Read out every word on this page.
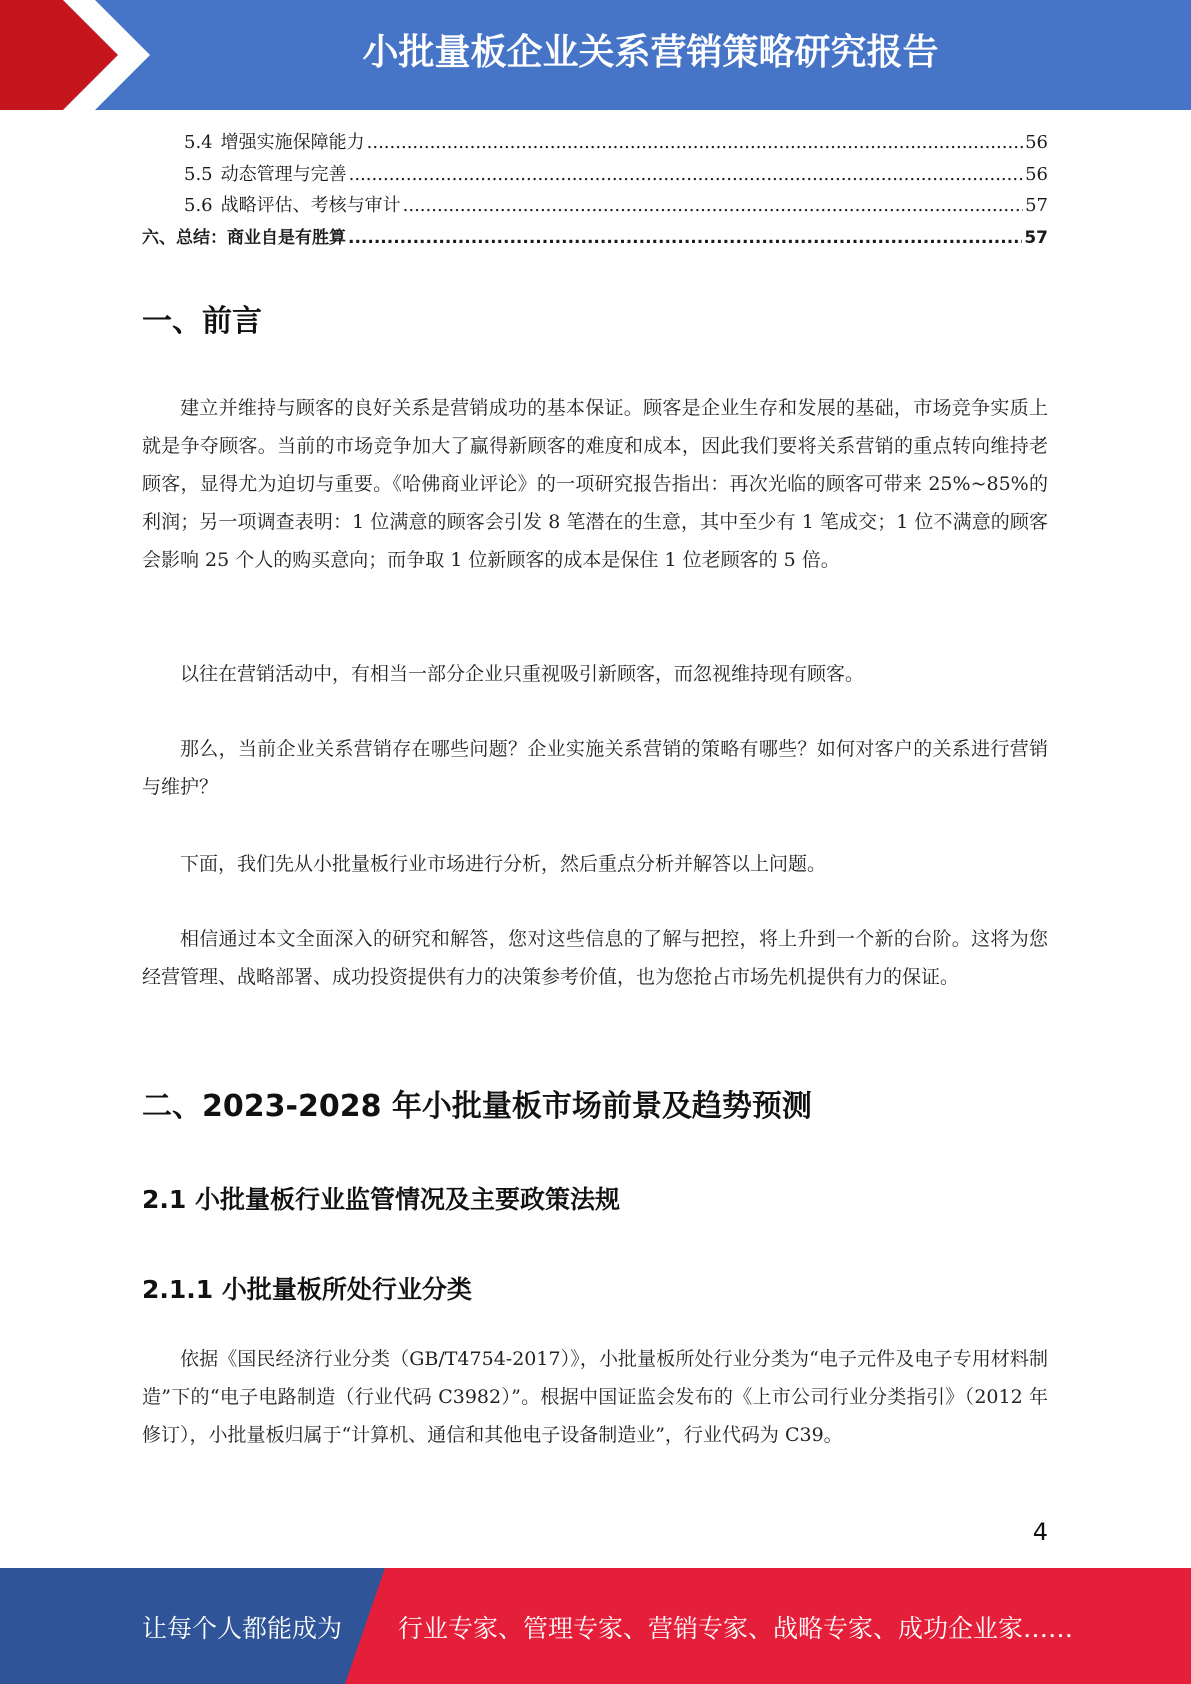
小批量板企业关系营销策略研究报告
5.4 增强实施保障能力 .....	56
5.5 动态管理与完善 .....	56
5.6 战略评估、考核与审计 .....	57
六、总结：商业自是有胜算 .....	57
一、前言

建立并维持与顾客的良好关系是营销成功的基本保证。顾客是企业生存和发展的基础，市场竞争实质上就是争夺顾客。当前的市场竞争加大了赢得新顾客的难度和成本，因此我们要将关系营销的重点转向维持老顾客，显得尤为迫切与重要。《哈佛商业评论》的一项研究报告指出：再次光临的顾客可带来 25%~85%的利润；另一项调查表明：1 位满意的顾客会引发 8 笔潜在的生意，其中至少有 1 笔成交；1 位不满意的顾客会影响 25 个人的购买意向；而争取 1 位新顾客的成本是保住 1 位老顾客的 5 倍。

以往在营销活动中，有相当一部分企业只重视吸引新顾客，而忽视维持现有顾客。

那么，当前企业关系营销存在哪些问题？企业实施关系营销的策略有哪些？如何对客户的关系进行营销与维护？

下面，我们先从小批量板行业市场进行分析，然后重点分析并解答以上问题。

相信通过本文全面深入的研究和解答，您对这些信息的了解与把控，将上升到一个新的台阶。这将为您经营管理、战略部署、成功投资提供有力的决策参考价值，也为您抢占市场先机提供有力的保证。

二、2023-2028 年小批量板市场前景及趋势预测
2.1 小批量板行业监管情况及主要政策法规
2.1.1 小批量板所处行业分类

依据《国民经济行业分类（GB/T4754-2017）》，小批量板所处行业分类为“电子元件及电子专用材料制造”下的“电子电路制造（行业代码 C3982）”。根据中国证监会发布的《上市公司行业分类指引》（2012 年修订），小批量板归属于“计算机、通信和其他电子设备制造业”，行业代码为 C39。

4
让每个人都能成为 行业专家、管理专家、营销专家、战略专家、成功企业家……
